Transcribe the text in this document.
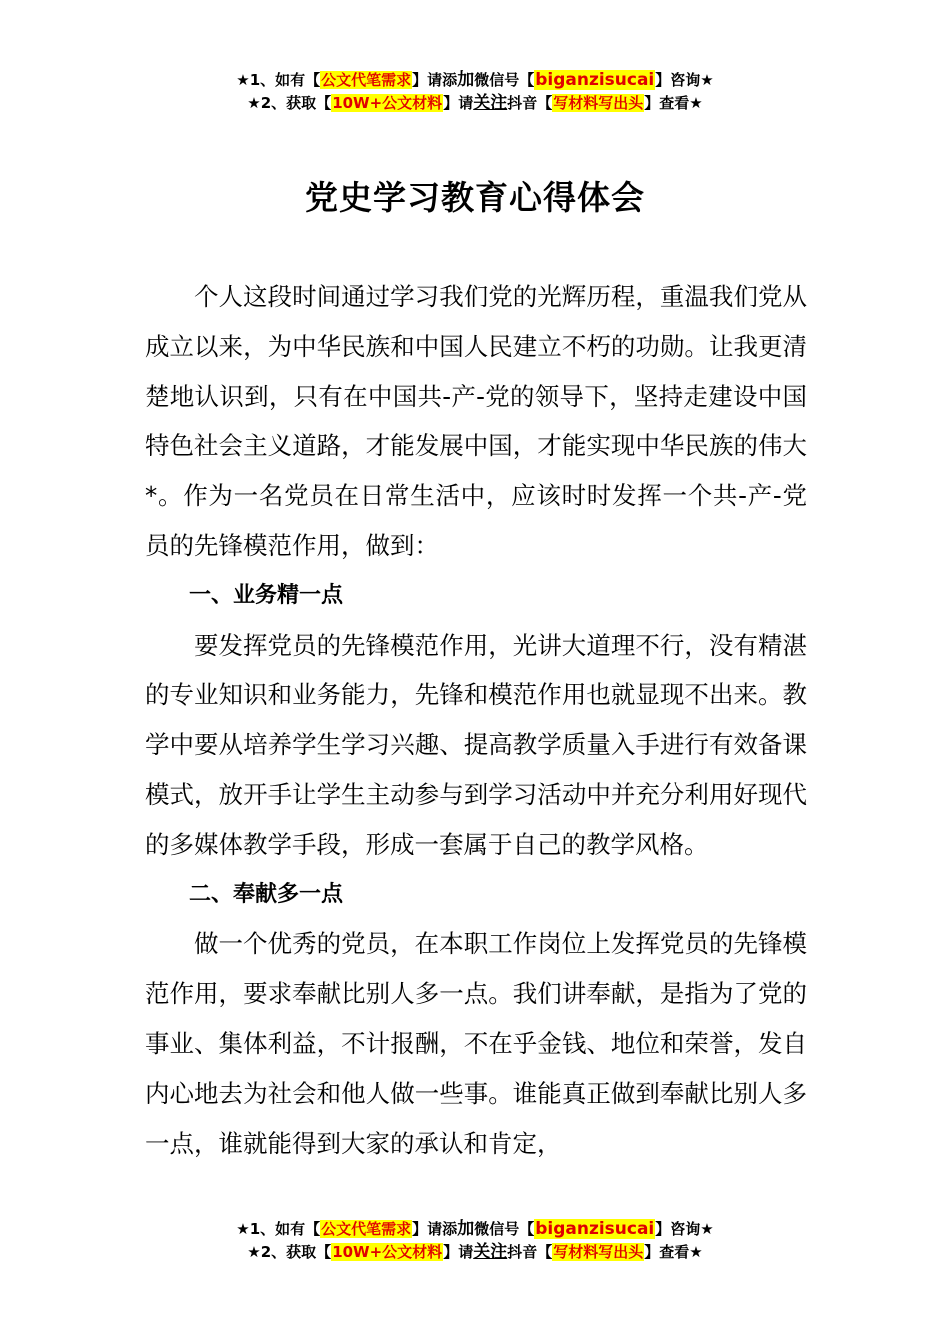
★1、如有【公文代笔需求】请添加微信号【biganzisucai】咨询★
★2、获取【10W+公文材料】请关注抖音【写材料写出头】查看★
党史学习教育心得体会

个人这段时间通过学习我们党的光辉历程，重温我们党从成立以来，为中华民族和中国人民建立不朽的功勋。让我更清楚地认识到，只有在中国共-产-党的领导下，坚持走建设中国特色社会主义道路，才能发展中国，才能实现中华民族的伟大*。作为一名党员在日常生活中，应该时时发挥一个共-产-党员的先锋模范作用，做到：

一、业务精一点

要发挥党员的先锋模范作用，光讲大道理不行，没有精湛的专业知识和业务能力，先锋和模范作用也就显现不出来。教学中要从培养学生学习兴趣、提高教学质量入手进行有效备课模式，放开手让学生主动参与到学习活动中并充分利用好现代的多媒体教学手段，形成一套属于自己的教学风格。

二、奉献多一点

做一个优秀的党员，在本职工作岗位上发挥党员的先锋模范作用，要求奉献比别人多一点。我们讲奉献，是指为了党的事业、集体利益，不计报酬，不在乎金钱、地位和荣誉，发自内心地去为社会和他人做一些事。谁能真正做到奉献比别人多一点，谁就能得到大家的承认和肯定，

★1、如有【公文代笔需求】请添加微信号【biganzisucai】咨询★
★2、获取【10W+公文材料】请关注抖音【写材料写出头】查看★
